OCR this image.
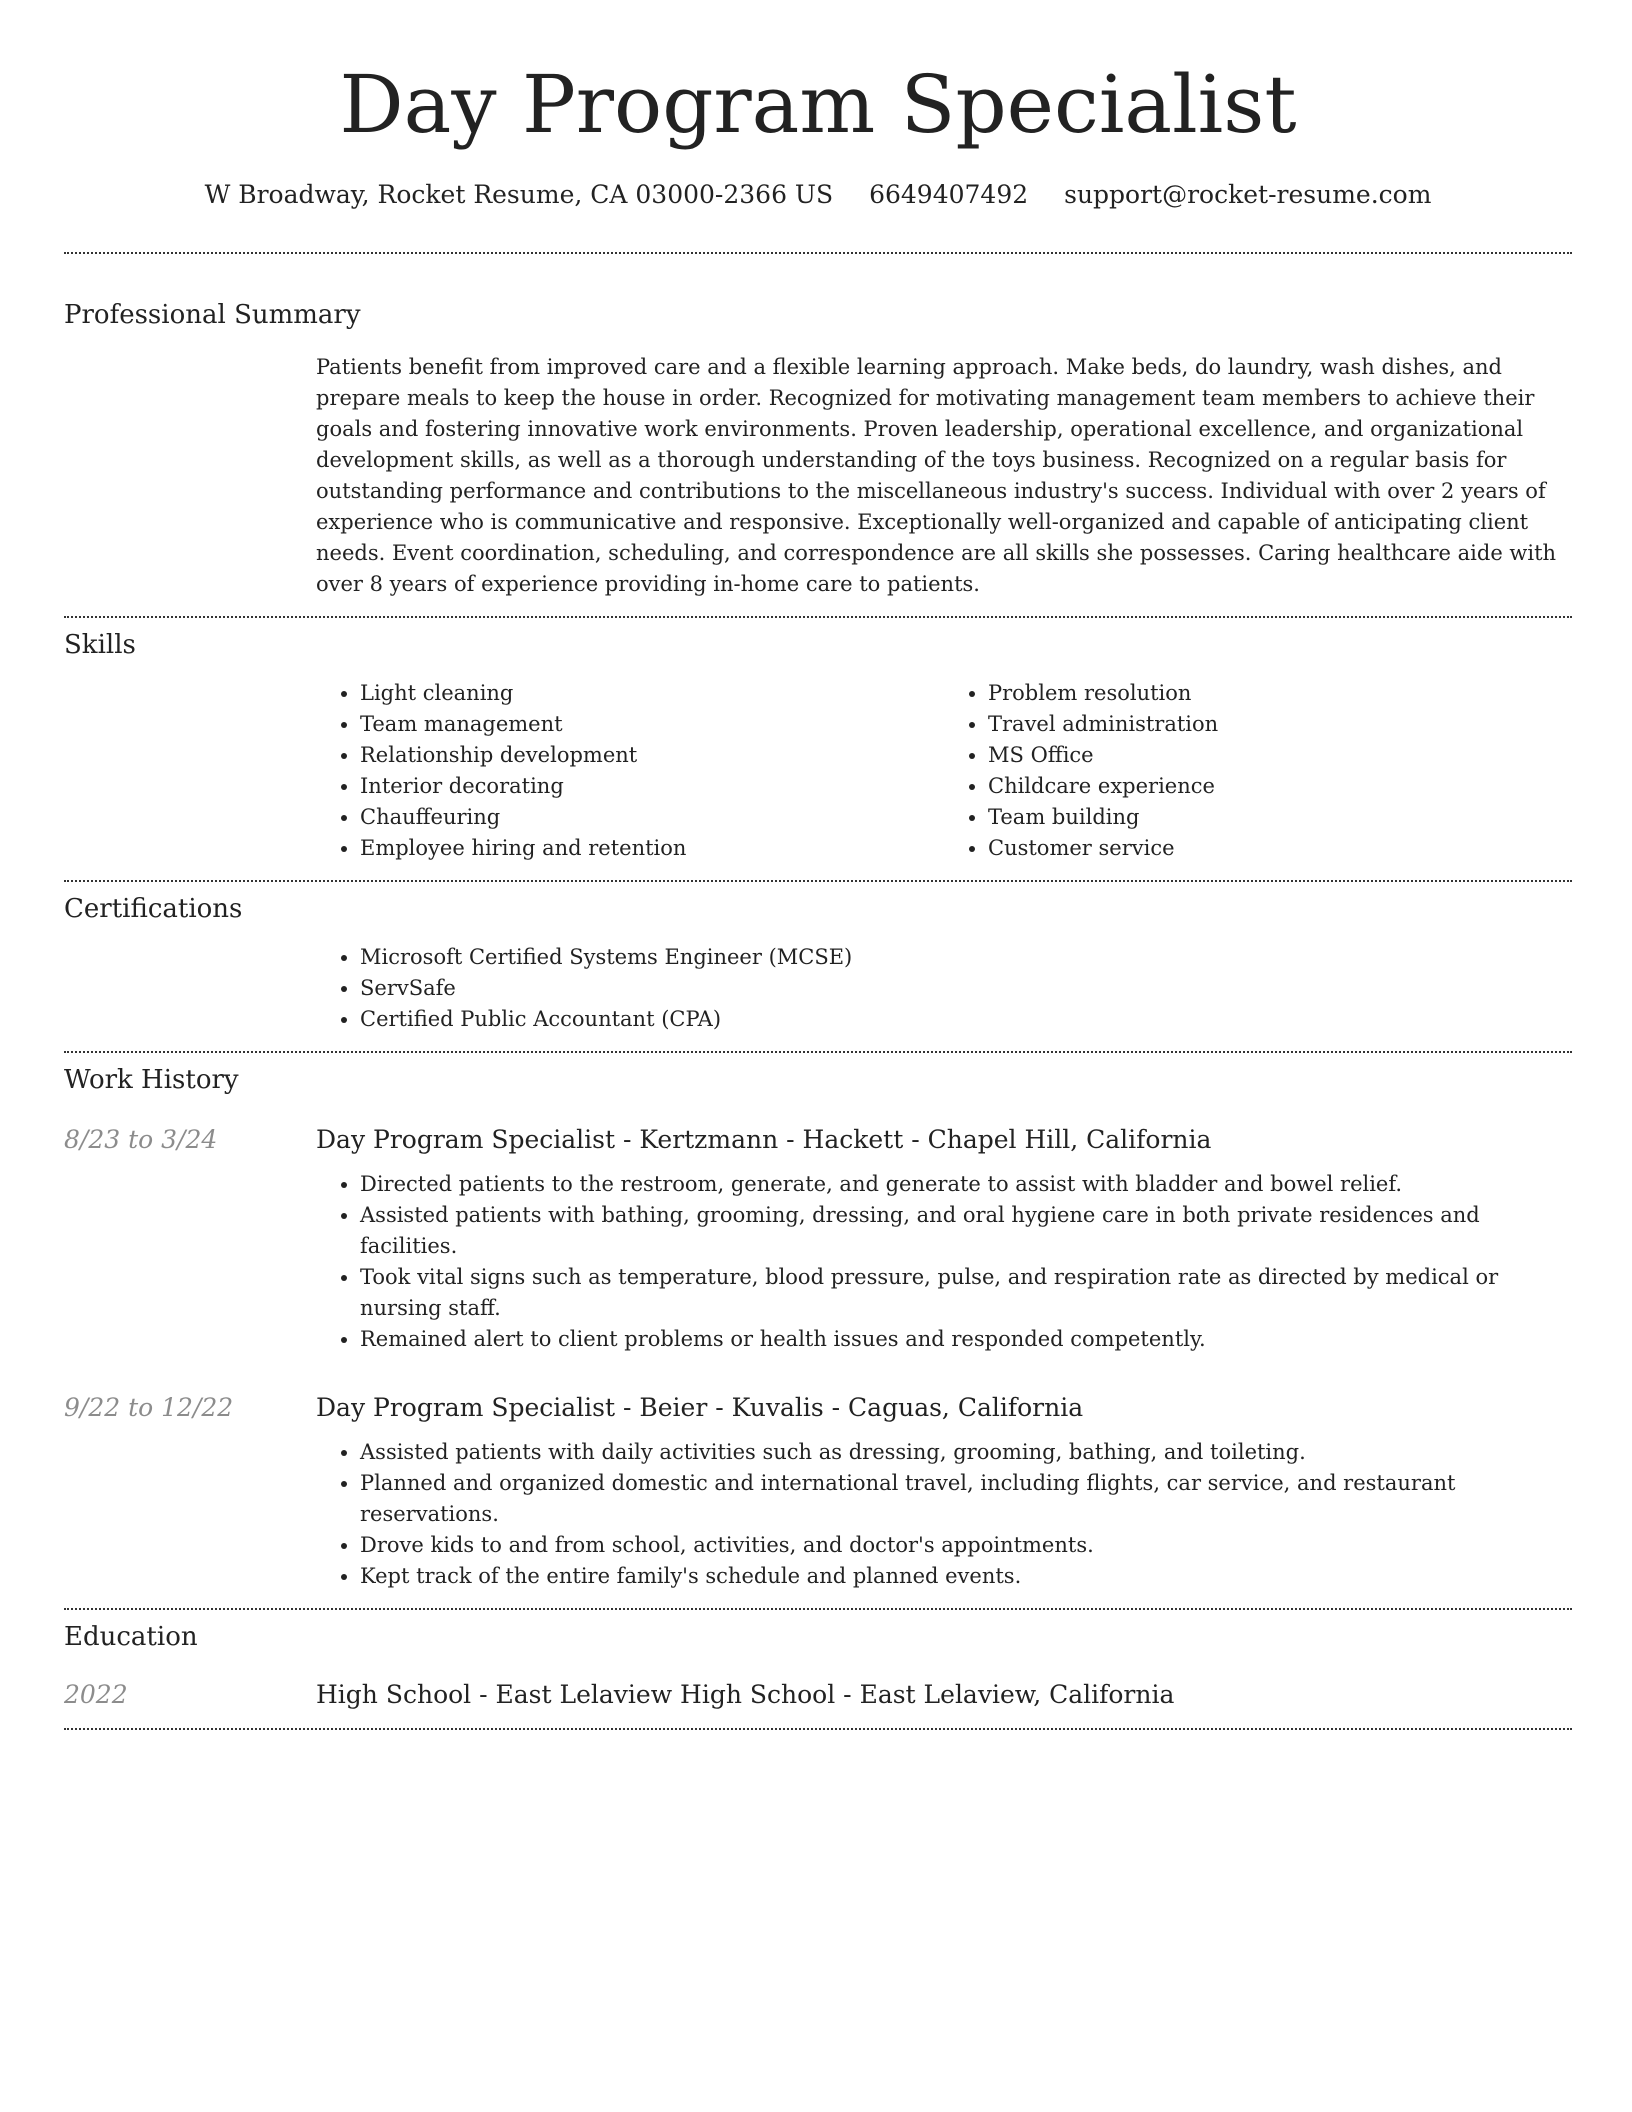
Day Program Specialist
W Broadway, Rocket Resume, CA 03000-2366 US 6649407492 support@rocket-resume.com
Professional Summary

Patients benefit from improved care and a flexible learning approach. Make beds, do laundry, wash dishes, and prepare meals to keep the house in order. Recognized for motivating management team members to achieve their goals and fostering innovative work environments. Proven leadership, operational excellence, and organizational development skills, as well as a thorough understanding of the toys business. Recognized on a regular basis for outstanding performance and contributions to the miscellaneous industry's success. Individual with over 2 years of experience who is communicative and responsive. Exceptionally well-organized and capable of anticipating client needs. Event coordination, scheduling, and correspondence are all skills she possesses. Caring healthcare aide with over 8 years of experience providing in-home care to patients.

Skills
• Light cleaning
• Team management
• Relationship development
• Interior decorating
• Chauffeuring
• Employee hiring and retention
• Problem resolution
• Travel administration
• MS Office
• Childcare experience
• Team building
• Customer service
Certifications
• Microsoft Certified Systems Engineer (MCSE)
• ServSafe
• Certified Public Accountant (CPA)
Work History
8/23 to 3/24	Day Program Specialist - Kertzmann - Hackett - Chapel Hill, California
• Directed patients to the restroom, generate, and generate to assist with bladder and bowel relief.
• Assisted patients with bathing, grooming, dressing, and oral hygiene care in both private residences and facilities.
• Took vital signs such as temperature, blood pressure, pulse, and respiration rate as directed by medical or nursing staff.
• Remained alert to client problems or health issues and responded competently.
9/22 to 12/22	Day Program Specialist - Beier - Kuvalis - Caguas, California
• Assisted patients with daily activities such as dressing, grooming, bathing, and toileting.
• Planned and organized domestic and international travel, including flights, car service, and restaurant reservations.
• Drove kids to and from school, activities, and doctor's appointments.
• Kept track of the entire family's schedule and planned events.
Education
2022	High School - East Lelaview High School - East Lelaview, California
